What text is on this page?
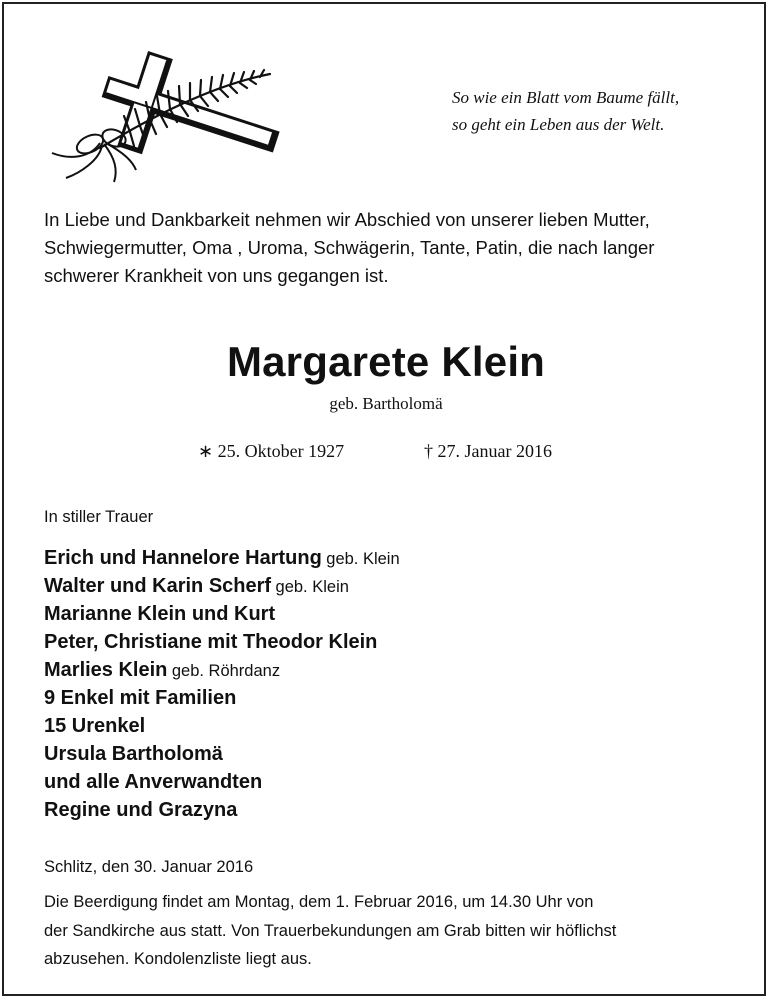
So wie ein Blatt vom Baume fällt,
so geht ein Leben aus der Welt.
In Liebe und Dankbarkeit nehmen wir Abschied von unserer lieben Mutter,
Schwiegermutter, Oma , Uroma, Schwägerin, Tante, Patin, die nach langer
schwerer Krankheit von uns gegangen ist.
Margarete Klein
geb. Bartholomä
∗ 25. Oktober 1927	† 27. Januar 2016
In stiller Trauer
Erich und Hannelore Hartung geb. Klein
Walter und Karin Scherf geb. Klein
Marianne Klein und Kurt
Peter, Christiane mit Theodor Klein
Marlies Klein geb. Röhrdanz
9 Enkel mit Familien
15 Urenkel
Ursula Bartholomä
und alle Anverwandten
Regine und Grazyna
Schlitz, den 30. Januar 2016
Die Beerdigung findet am Montag, dem 1. Februar 2016, um 14.30 Uhr von
der Sandkirche aus statt. Von Trauerbekundungen am Grab bitten wir höflichst
abzusehen. Kondolenzliste liegt aus.
